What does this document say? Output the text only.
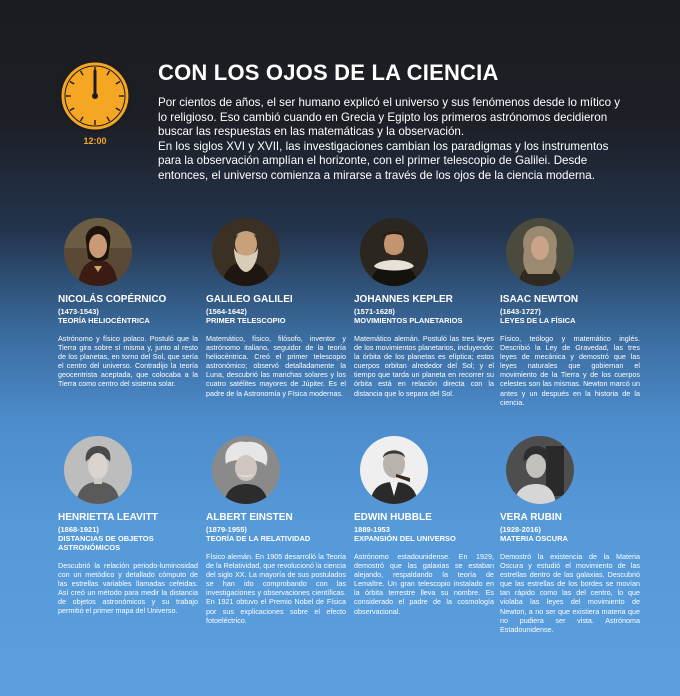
12:00
CON LOS OJOS DE LA CIENCIA

Por cientos de años, el ser humano explicó el universo y sus fenómenos desde lo mítico y lo religioso. Eso cambió cuando en Grecia y Egipto los primeros astrónomos decidieron buscar las respuestas en las matemáticas y la observación.

En los siglos XVI y XVII, las investigaciones cambian los paradigmas y los instrumentos para la observación amplían el horizonte, con el primer telescopio de Galilei. Desde entonces, el universo comienza a mirarse a través de los ojos de la ciencia moderna.

NICOLÁS COPÉRNICO
(1473-1543)
TEORÍA HELIOCÉNTRICA
Astrónomo y físico polaco. Postuló que la Tierra gira sobre sí misma y, junto al resto de los planetas, en torno del Sol, que sería el centro del universo. Contradijo la teoría geocentrista aceptada, que colocaba a la Tierra como centro del sistema solar.
GALILEO GALILEI
(1564-1642)
PRIMER TELESCOPIO
Matemático, físico, filósofo, inventor y astrónomo italiano, seguidor de la teoría heliocéntrica. Creó el primer telescopio astronómico; observó detalladamente la Luna, descubrió las manchas solares y los cuatro satélites mayores de Júpiter. Es el padre de la Astronomía y Física modernas.
JOHANNES KEPLER
(1571-1628)
MOVIMIENTOS PLANETARIOS
Matemático alemán. Postuló las tres leyes de los movimientos planetarios, incluyendo: la órbita de los planetas es elíptica; estos cuerpos orbitan alrededor del Sol; y el tiempo que tarda un planeta en recorrer su órbita está en relación directa con la distancia que lo separa del Sol.
ISAAC NEWTON
(1643-1727)
LEYES DE LA FÍSICA
Físico, teólogo y matemático inglés. Describió la Ley de Gravedad, las tres leyes de mecánica y demostró que las leyes naturales que gobiernan el movimiento de la Tierra y de los cuerpos celestes son las mismas. Newton marcó un antes y un después en la historia de la ciencia.
HENRIETTA LEAVITT
(1868-1921)
DISTANCIAS DE OBJETOS ASTRONÓMICOS
Descubrió la relación periodo-luminosidad con un metódico y detallado cómputo de las estrellas variables llamadas cefeidas. Así creó un método para medir la distancia de objetos astronómicos y su trabajo permitió el primer mapa del Universo.
ALBERT EINSTEN
(1879-1955)
TEORÍA DE LA RELATIVIDAD
Físico alemán. En 1905 desarrolló la Teoría de la Relatividad, que revolucionó la ciencia del siglo XX. La mayoría de sus postulados se han ido comprobando con las investigaciones y observaciones científicas. En 1921 obtuvo el Premio Nobel de Física por sus explicaciones sobre el efecto fotoeléctrico.
EDWIN HUBBLE
1889-1953
EXPANSIÓN DEL UNIVERSO
Astrónomo estadounidense. En 1929, demostró que las galaxias se estaban alejando, respaldando la teoría de Lemaître. Un gran telescopio instalado en la órbita terrestre lleva su nombre. Es considerado el padre de la cosmología observacional.
VERA RUBIN
(1928-2016)
MATERIA OSCURA
Demostró la existencia de la Materia Oscura y estudió el movimiento de las estrellas dentro de las galaxias. Descubrió que las estrellas de los bordes se movían tan rápido como las del centro, lo que violaba las leyes del movimiento de Newton, a no ser que existiera materia que no pudiera ser vista. Astrónoma Estadounidense.
